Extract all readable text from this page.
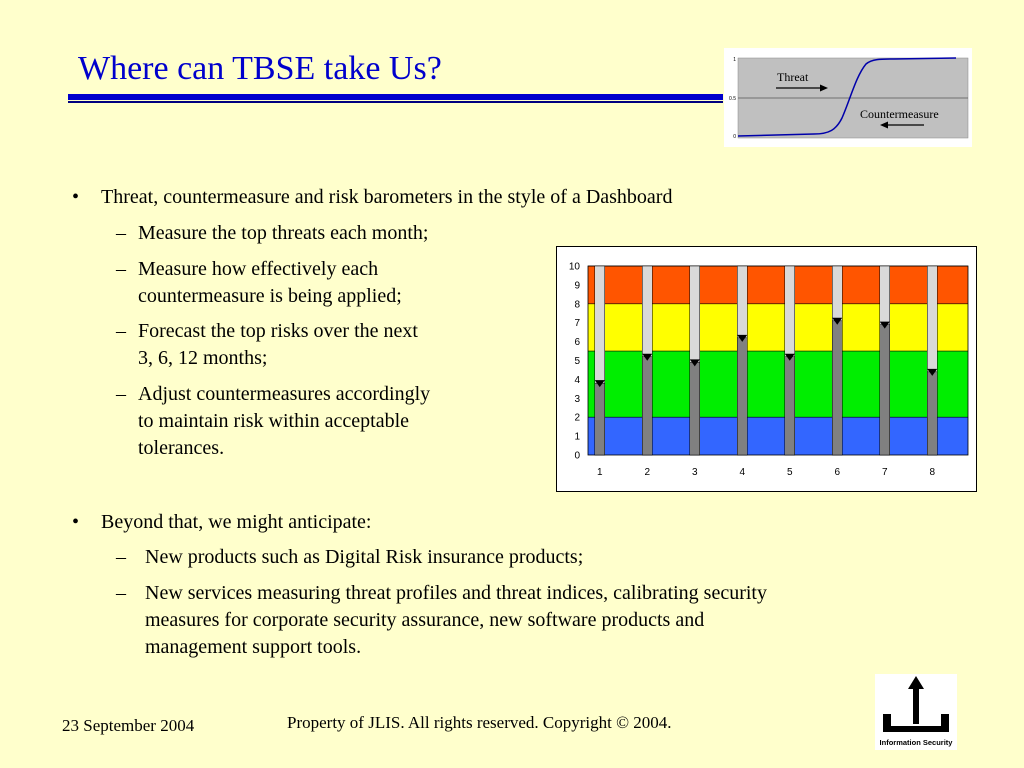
Where can TBSE take Us?	1
0.5
0
Threat
Countermeasure
• Threat, countermeasure and risk barometers in the style of a Dashboard
– Measure the top threats each month;
– Measure how effectively each
countermeasure is being applied;
– Forecast the top risks over the next
3, 6, 12 months;
– Adjust countermeasures accordingly
to maintain risk within acceptable
tolerances.
1	2	3	4	5	6	7	8
0
1
2
3
4
5
6
7
8
9
10
• Beyond that, we might anticipate:
– New products such as Digital Risk insurance products;
– New services measuring threat profiles and threat indices, calibrating security
measures for corporate security assurance, new software products and
management support tools.
23 September 2004	Property of JLIS. All rights reserved. Copyright © 2004.
Information Security
